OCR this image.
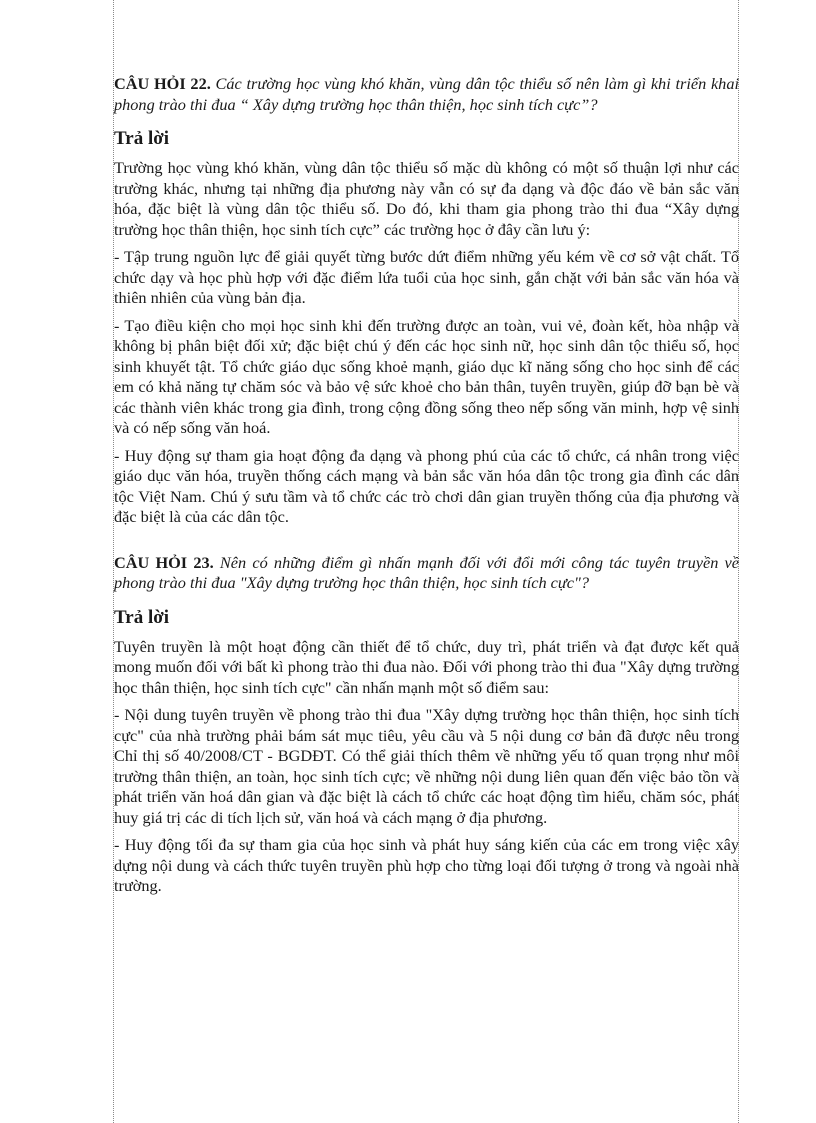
CÂU HỎI 22. Các trường học vùng khó khăn, vùng dân tộc thiểu số nên làm gì khi triển khai phong trào thi đua “ Xây dựng trường học thân thiện, học sinh tích cực”?

Trả lời

Trường học vùng khó khăn, vùng dân tộc thiểu số mặc dù không có một số thuận lợi như các trường khác, nhưng tại những địa phương này vẫn có sự đa dạng và độc đáo về bản sắc văn hóa, đặc biệt là vùng dân tộc thiểu số. Do đó, khi tham gia phong trào thi đua “Xây dựng trường học thân thiện, học sinh tích cực” các trường học ở đây cần lưu ý:

- Tập trung nguồn lực để giải quyết từng bước dứt điểm những yếu kém về cơ sở vật chất. Tổ chức dạy và học phù hợp với đặc điểm lứa tuổi của học sinh, gắn chặt với bản sắc văn hóa và thiên nhiên của vùng bản địa.

- Tạo điều kiện cho mọi học sinh khi đến trường được an toàn, vui vẻ, đoàn kết, hòa nhập và không bị phân biệt đối xử; đặc biệt chú ý đến các học sinh nữ, học sinh dân tộc thiểu số, học sinh khuyết tật. Tổ chức giáo dục sống khoẻ mạnh, giáo dục kĩ năng sống cho học sinh để các em có khả năng tự chăm sóc và bảo vệ sức khoẻ cho bản thân, tuyên truyền, giúp đỡ bạn bè và các thành viên khác trong gia đình, trong cộng đồng sống theo nếp sống văn minh, hợp vệ sinh và có nếp sống văn hoá.

- Huy động sự tham gia hoạt động đa dạng và phong phú của các tổ chức, cá nhân trong việc giáo dục văn hóa, truyền thống cách mạng và bản sắc văn hóa dân tộc trong gia đình các dân tộc Việt Nam. Chú ý sưu tầm và tổ chức các trò chơi dân gian truyền thống của địa phương và đặc biệt là của các dân tộc.

CÂU HỎI 23. Nên có những điểm gì nhấn mạnh đối với đổi mới công tác tuyên truyền về phong trào thi đua "Xây dựng trường học thân thiện, học sinh tích cực"?

Trả lời

Tuyên truyền là một hoạt động cần thiết để tổ chức, duy trì, phát triển và đạt được kết quả mong muốn đối với bất kì phong trào thi đua nào. Đối với phong trào thi đua "Xây dựng trường học thân thiện, học sinh tích cực" cần nhấn mạnh một số điểm sau:

- Nội dung tuyên truyền về phong trào thi đua "Xây dựng trường học thân thiện, học sinh tích cực" của nhà trường phải bám sát mục tiêu, yêu cầu và 5 nội dung cơ bản đã được nêu trong Chỉ thị số 40/2008/CT - BGDĐT. Có thể giải thích thêm về những yếu tố quan trọng như môi trường thân thiện, an toàn, học sinh tích cực; về những nội dung liên quan đến việc bảo tồn và phát triển văn hoá dân gian và đặc biệt là cách tổ chức các hoạt động tìm hiểu, chăm sóc, phát huy giá trị các di tích lịch sử, văn hoá và cách mạng ở địa phương.

- Huy động tối đa sự tham gia của học sinh và phát huy sáng kiến của các em trong việc xây dựng nội dung và cách thức tuyên truyền phù hợp cho từng loại đối tượng ở trong và ngoài nhà trường.
